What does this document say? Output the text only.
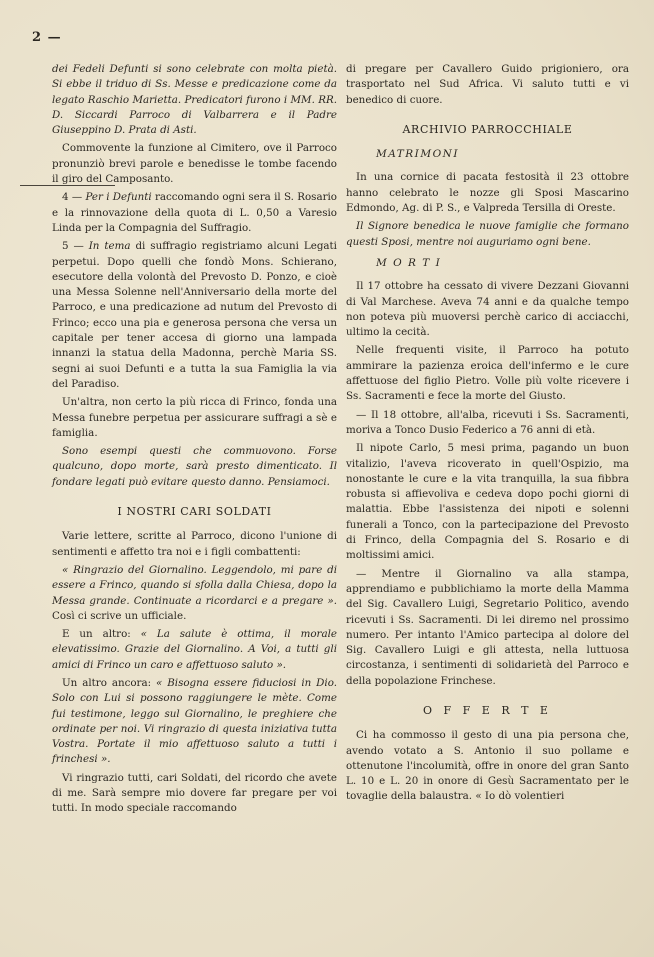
2 —

dei Fedeli Defunti si sono celebrate con molta pietà. Si ebbe il triduo di Ss. Messe e predicazione come da legato Raschio Marietta. Predicatori furono i MM. RR. D. Siccardi Parroco di Valbarrera e il Padre Giuseppino D. Prata di Asti.

Commovente la funzione al Cimitero, ove il Parroco pronunziò brevi parole e benedisse le tombe facendo il giro del Camposanto.

4 — Per i Defunti raccomando ogni sera il S. Rosario e la rinnovazione della quota di L. 0,50 a Varesio Linda per la Compagnia del Suffragio.

5 — In tema di suffragio registriamo alcuni Legati perpetui. Dopo quelli che fondò Mons. Schierano, esecutore della volontà del Prevosto D. Ponzo, e cioè una Messa Solenne nell'Anniversario della morte del Parroco, e una predicazione ad nutum del Prevosto di Frinco; ecco una pia e generosa persona che versa un capitale per tener accesa di giorno una lampada innanzi la statua della Madonna, perchè Maria SS. segni ai suoi Defunti e a tutta la sua Famiglia la via del Paradiso.

Un'altra, non certo la più ricca di Frinco, fonda una Messa funebre perpetua per assicurare suffragi a sè e famiglia.

Sono esempi questi che commuovono. Forse qualcuno, dopo morte, sarà presto dimenticato. Il fondare legati può evitare questo danno. Pensiamoci.

I NOSTRI CARI SOLDATI

Varie lettere, scritte al Parroco, dicono l'unione di sentimenti e affetto tra noi e i figli combattenti:

« Ringrazio del Giornalino. Leggendolo, mi pare di essere a Frinco, quando si sfolla dalla Chiesa, dopo la Messa grande. Continuate a ricordarci e a pregare ». Così ci scrive un ufficiale.

E un altro: « La salute è ottima, il morale elevatissimo. Grazie del Giornalino. A Voi, a tutti gli amici di Frinco un caro e affettuoso saluto ».

Un altro ancora: « Bisogna essere fiduciosi in Dio. Solo con Lui si possono raggiungere le mète. Come fui testimone, leggo sul Giornalino, le preghiere che ordinate per noi. Vi ringrazio di questa iniziativa tutta Vostra. Portate il mio affettuoso saluto a tutti i frinchesi ».

Vi ringrazio tutti, cari Soldati, del ricordo che avete di me. Sarà sempre mio dovere far pregare per voi tutti. In modo speciale raccomando

di pregare per Cavallero Guido prigioniero, ora trasportato nel Sud Africa. Vi saluto tutti e vi benedico di cuore.

ARCHIVIO PARROCCHIALE
MATRIMONI

In una cornice di pacata festosità il 23 ottobre hanno celebrato le nozze gli Sposi Mascarino Edmondo, Ag. di P. S., e Valpreda Tersilla di Oreste.

Il Signore benedica le nuove famiglie che formano questi Sposi, mentre noi auguriamo ogni bene.

M O R T I

Il 17 ottobre ha cessato di vivere Dezzani Giovanni di Val Marchese. Aveva 74 anni e da qualche tempo non poteva più muoversi perchè carico di acciacchi, ultimo la cecità.

Nelle frequenti visite, il Parroco ha potuto ammirare la pazienza eroica dell'infermo e le cure affettuose del figlio Pietro. Volle più volte ricevere i Ss. Sacramenti e fece la morte del Giusto.

— Il 18 ottobre, all'alba, ricevuti i Ss. Sacramenti, moriva a Tonco Dusio Federico a 76 anni di età.

Il nipote Carlo, 5 mesi prima, pagando un buon vitalizio, l'aveva ricoverato in quell'Ospizio, ma nonostante le cure e la vita tranquilla, la sua fibbra robusta si affievoliva e cedeva dopo pochi giorni di malattia. Ebbe l'assistenza dei nipoti e solenni funerali a Tonco, con la partecipazione del Prevosto di Frinco, della Compagnia del S. Rosario e di moltissimi amici.

— Mentre il Giornalino va alla stampa, apprendiamo e pubblichiamo la morte della Mamma del Sig. Cavallero Luigi, Segretario Politico, avendo ricevuti i Ss. Sacramenti. Di lei diremo nel prossimo numero. Per intanto l'Amico partecipa al dolore del Sig. Cavallero Luigi e gli attesta, nella luttuosa circostanza, i sentimenti di solidarietà del Parroco e della popolazione Frinchese.

O F F E R T E

Ci ha commosso il gesto di una pia persona che, avendo votato a S. Antonio il suo pollame e ottenutone l'incolumità, offre in onore del gran Santo L. 10 e L. 20 in onore di Gesù Sacramentato per le tovaglie della balaustra. « Io dò volentieri
